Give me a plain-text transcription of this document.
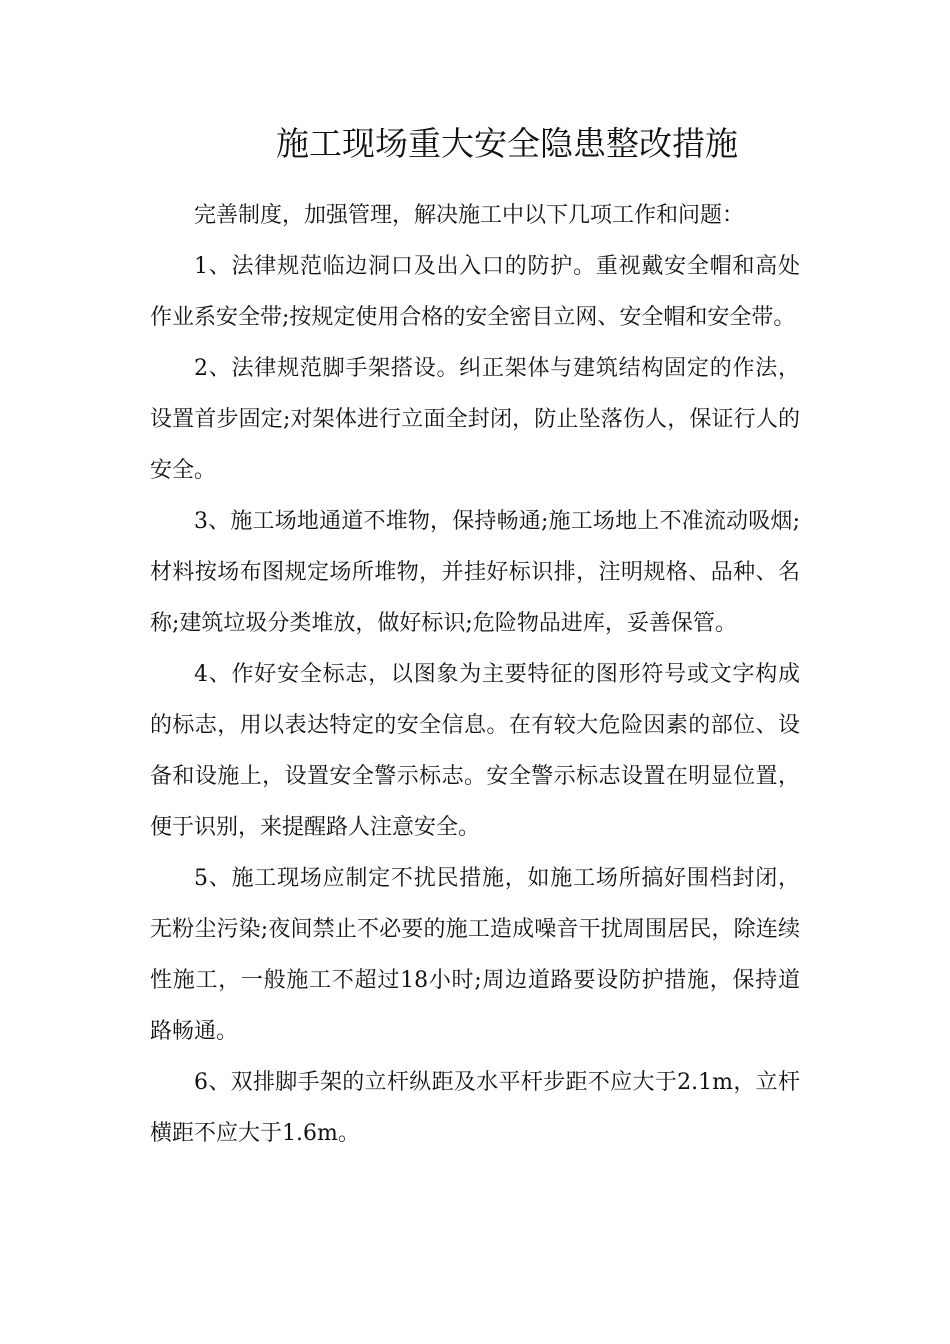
施工现场重大安全隐患整改措施

完善制度，加强管理，解决施工中以下几项工作和问题：

1、法律规范临边洞口及出入口的防护。重视戴安全帽和高处作业系安全带;按规定使用合格的安全密目立网、安全帽和安全带。

2、法律规范脚手架搭设。纠正架体与建筑结构固定的作法，设置首步固定;对架体进行立面全封闭，防止坠落伤人，保证行人的安全。

3、施工场地通道不堆物，保持畅通;施工场地上不准流动吸烟;材料按场布图规定场所堆物，并挂好标识排，注明规格、品种、名称;建筑垃圾分类堆放，做好标识;危险物品进库，妥善保管。

4、作好安全标志，以图象为主要特征的图形符号或文字构成的标志，用以表达特定的安全信息。在有较大危险因素的部位、设备和设施上，设置安全警示标志。安全警示标志设置在明显位置，便于识别，来提醒路人注意安全。

5、施工现场应制定不扰民措施，如施工场所搞好围档封闭，无粉尘污染;夜间禁止不必要的施工造成噪音干扰周围居民，除连续性施工，一般施工不超过18小时;周边道路要设防护措施，保持道路畅通。

6、双排脚手架的立杆纵距及水平杆步距不应大于2.1m，立杆横距不应大于1.6m。
